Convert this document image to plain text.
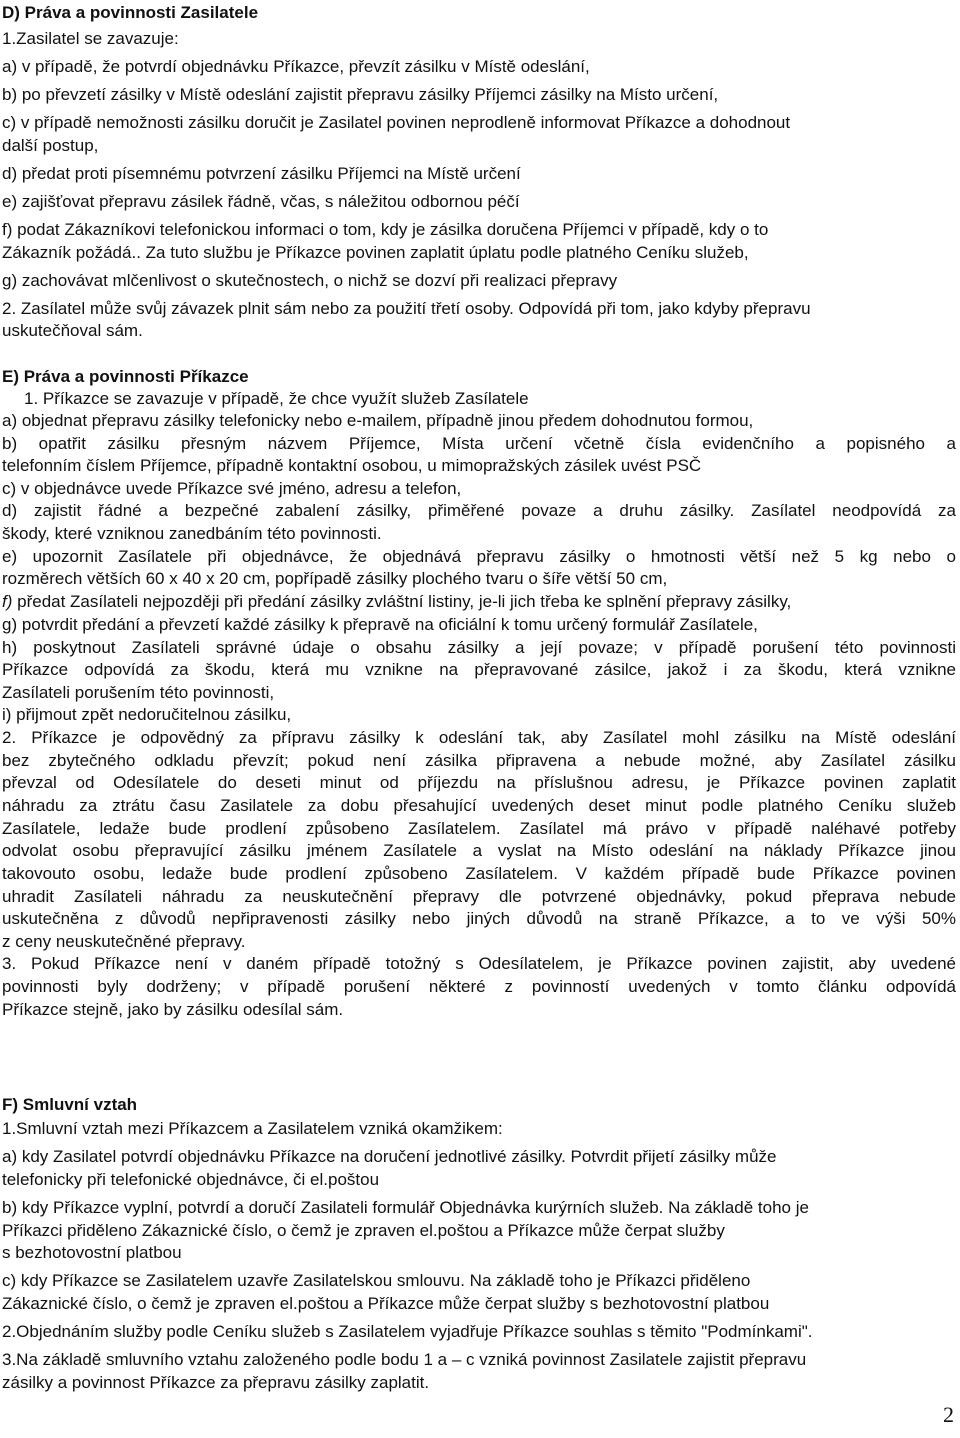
D) Práva a povinnosti Zasilatele
1.Zasilatel se zavazuje:
a) v případě, že potvrdí objednávku Příkazce, převzít zásilku v Místě odeslání,
b) po převzetí zásilky v Místě odeslání zajistit přepravu zásilky Příjemci zásilky na Místo určení,
c) v případě nemožnosti zásilku doručit je Zasilatel povinen neprodleně informovat Příkazce a dohodnout
další postup,
d) předat proti písemnému potvrzení zásilku Příjemci na Místě určení
e) zajišťovat přepravu zásilek řádně, včas, s náležitou odbornou péčí
f) podat Zákazníkovi telefonickou informaci o tom, kdy je zásilka doručena Příjemci v případě, kdy o to
Zákazník požádá.. Za tuto službu je Příkazce povinen zaplatit úplatu podle platného Ceníku služeb,
g) zachovávat mlčenlivost o skutečnostech, o nichž se dozví při realizaci přepravy
2. Zasílatel může svůj závazek plnit sám nebo za použití třetí osoby. Odpovídá při tom, jako kdyby přepravu
uskutečňoval sám.
E) Práva a povinnosti Příkazce
1. Příkazce se zavazuje v případě, že chce využít služeb Zasílatele
a) objednat přepravu zásilky telefonicky nebo e-mailem, případně jinou předem dohodnutou formou,
b) opatřit zásilku přesným názvem Příjemce, Místa určení včetně čísla evidenčního a popisného a
telefonním číslem Příjemce, případně kontaktní osobou, u mimopražských zásilek uvést PSČ
c) v objednávce uvede Příkazce své jméno, adresu a telefon,
d) zajistit řádné a bezpečné zabalení zásilky, přiměřené povaze a druhu zásilky. Zasílatel neodpovídá za
škody, které vzniknou zanedbáním této povinnosti.
e) upozornit Zasílatele při objednávce, že objednává přepravu zásilky o hmotnosti větší než 5 kg nebo o
rozměrech větších 60 x 40 x 20 cm, popřípadě zásilky plochého tvaru o šíře větší 50 cm,
f) předat Zasílateli nejpozději při předání zásilky zvláštní listiny, je-li jich třeba ke splnění přepravy zásilky,
g) potvrdit předání a převzetí každé zásilky k přepravě na oficiální k tomu určený formulář Zasílatele,
h) poskytnout Zasílateli správné údaje o obsahu zásilky a její povaze; v případě porušení této povinnosti
Příkazce odpovídá za škodu, která mu vznikne na přepravované zásilce, jakož i za škodu, která vznikne
Zasílateli porušením této povinnosti,
i) přijmout zpět nedoručitelnou zásilku,
2. Příkazce je odpovědný za přípravu zásilky k odeslání tak, aby Zasílatel mohl zásilku na Místě odeslání
bez zbytečného odkladu převzít; pokud není zásilka připravena a nebude možné, aby Zasílatel zásilku
převzal od Odesílatele do deseti minut od příjezdu na příslušnou adresu, je Příkazce povinen zaplatit
náhradu za ztrátu času Zasilatele za dobu přesahující uvedených deset minut podle platného Ceníku služeb
Zasílatele, ledaže bude prodlení způsobeno Zasílatelem. Zasílatel má právo v případě naléhavé potřeby
odvolat osobu přepravující zásilku jménem Zasílatele a vyslat na Místo odeslání na náklady Příkazce jinou
takovouto osobu, ledaže bude prodlení způsobeno Zasílatelem. V každém případě bude Příkazce povinen
uhradit Zasílateli náhradu za neuskutečnění přepravy dle potvrzené objednávky, pokud přeprava nebude
uskutečněna z důvodů nepřipravenosti zásilky nebo jiných důvodů na straně Příkazce, a to ve výši 50%
z ceny neuskutečněné přepravy.
3. Pokud Příkazce není v daném případě totožný s Odesílatelem, je Příkazce povinen zajistit, aby uvedené
povinnosti byly dodrženy; v případě porušení některé z povinností uvedených v tomto článku odpovídá
Příkazce stejně, jako by zásilku odesílal sám.
F) Smluvní vztah
1.Smluvní vztah mezi Příkazcem a Zasilatelem vzniká okamžikem:
a) kdy Zasilatel potvrdí objednávku Příkazce na doručení jednotlivé zásilky. Potvrdit přijetí zásilky může
telefonicky při telefonické objednávce, či el.poštou
b) kdy Příkazce vyplní, potvrdí a doručí Zasilateli formulář Objednávka kurýrních služeb. Na základě toho je
Příkazci přiděleno Zákaznické číslo, o čemž je zpraven el.poštou a Příkazce může čerpat služby
s bezhotovostní platbou
c) kdy Příkazce se Zasilatelem uzavře Zasilatelskou smlouvu. Na základě toho je Příkazci přiděleno
Zákaznické číslo, o čemž je zpraven el.poštou a Příkazce může čerpat služby s bezhotovostní platbou
2.Objednáním služby podle Ceníku služeb s Zasilatelem vyjadřuje Příkazce souhlas s těmito "Podmínkami".
3.Na základě smluvního vztahu založeného podle bodu 1 a – c vzniká povinnost Zasilatele zajistit přepravu
zásilky a povinnost Příkazce za přepravu zásilky zaplatit.
2
